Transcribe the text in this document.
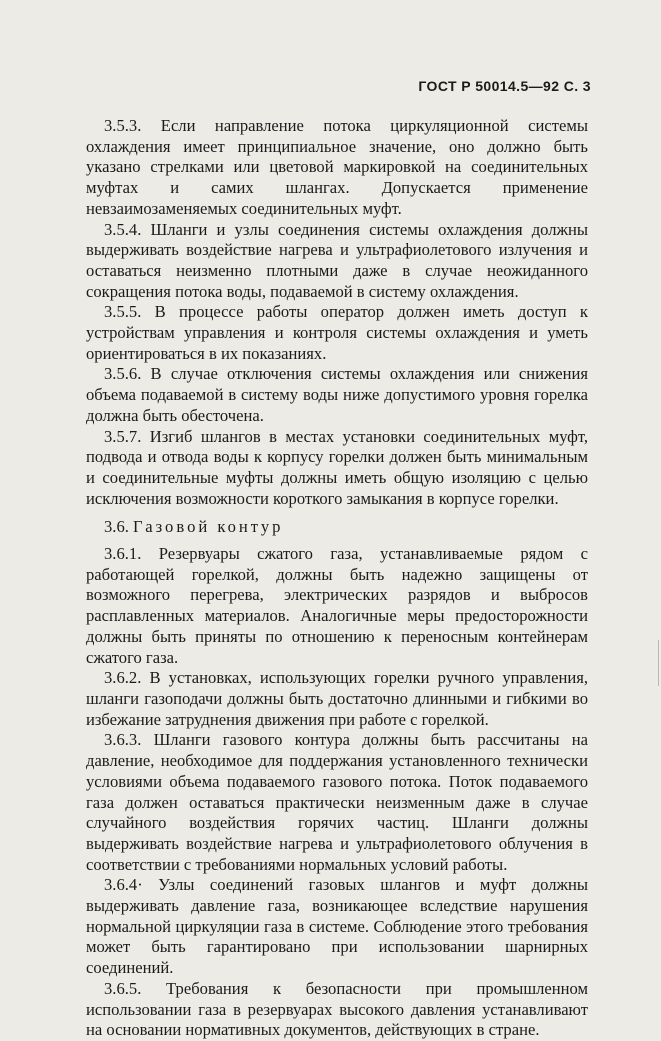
ГОСТ Р 50014.5—92 С. 3

3.5.3. Если направление потока циркуляционной системы охлаждения имеет принципиальное значение, оно должно быть указано стрелками или цветовой маркировкой на соединительных муфтах и самих шлангах. Допускается применение невзаимозаменяемых соединительных муфт.

3.5.4. Шланги и узлы соединения системы охлаждения должны выдерживать воздействие нагрева и ультрафиолетового излучения и оставаться неизменно плотными даже в случае неожиданного сокращения потока воды, подаваемой в систему охлаждения.

3.5.5. В процессе работы оператор должен иметь доступ к устройствам управления и контроля системы охлаждения и уметь ориентироваться в их показаниях.

3.5.6. В случае отключения системы охлаждения или снижения объема подаваемой в систему воды ниже допустимого уровня горелка должна быть обесточена.

3.5.7. Изгиб шлангов в местах установки соединительных муфт, подвода и отвода воды к корпусу горелки должен быть минимальным и соединительные муфты должны иметь общую изоляцию с целью исключения возможности короткого замыкания в корпусе горелки.

3.6. Газовой контур

3.6.1. Резервуары сжатого газа, устанавливаемые рядом с работающей горелкой, должны быть надежно защищены от возможного перегрева, электрических разрядов и выбросов расплавленных материалов. Аналогичные меры предосторожности должны быть приняты по отношению к переносным контейнерам сжатого газа.

3.6.2. В установках, использующих горелки ручного управления, шланги газоподачи должны быть достаточно длинными и гибкими во избежание затруднения движения при работе с горелкой.

3.6.3. Шланги газового контура должны быть рассчитаны на давление, необходимое для поддержания установленного технически условиями объема подаваемого газового потока. Поток подаваемого газа должен оставаться практически неизменным даже в случае случайного воздействия горячих частиц. Шланги должны выдерживать воздействие нагрева и ультрафиолетового облучения в соответствии с требованиями нормальных условий работы.

3.6.4· Узлы соединений газовых шлангов и муфт должны выдерживать давление газа, возникающее вследствие нарушения нормальной циркуляции газа в системе. Соблюдение этого требования может быть гарантировано при использовании шарнирных соединений.

3.6.5. Требования к безопасности при промышленном использовании газа в резервуарах высокого давления устанавливают на основании нормативных документов, действующих в стране.
